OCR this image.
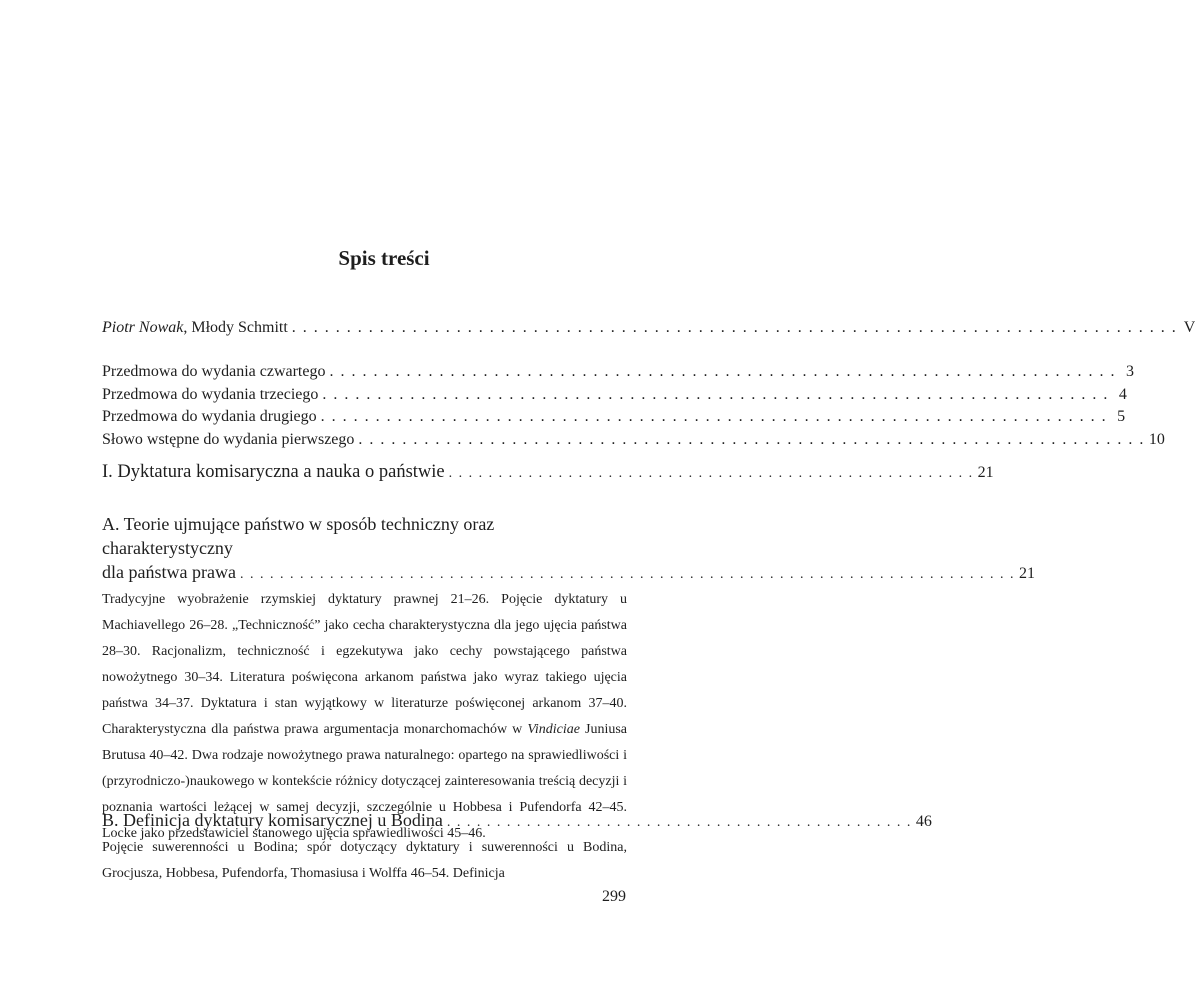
Spis treści
Piotr Nowak, Młody Schmitt . . . . . . . . . . . . . . . . . . . . . . . . . . . . . . . . . . . . . . . . . . . . . . . . . . . . . . . . . . . . . . . . . . . . . . . . . . . . . . . . . V
Przedmowa do wydania czwartego . . . . . . . . . . . . . . . . . . . . . . . . . . . . . . . . . . . . . . . . . . . . . . . . . . . . . . . . . . . . . . . . . . . . . . . . 3
Przedmowa do wydania trzeciego . . . . . . . . . . . . . . . . . . . . . . . . . . . . . . . . . . . . . . . . . . . . . . . . . . . . . . . . . . . . . . . . . . . . . . . . 4
Przedmowa do wydania drugiego . . . . . . . . . . . . . . . . . . . . . . . . . . . . . . . . . . . . . . . . . . . . . . . . . . . . . . . . . . . . . . . . . . . . . . . . 5
Słowo wstępne do wydania pierwszego . . . . . . . . . . . . . . . . . . . . . . . . . . . . . . . . . . . . . . . . . . . . . . . . . . . . . . . . . . . . . . . . . . . . . . . . 10
I. Dyktatura komisaryczna a nauka o państwie . . . . . . . . . . . . . . . . . . . . . . . . . . . . . . . . . . . . . . . . . . . . . . . . . . . . . 21
A. Teorie ujmujące państwo w sposób techniczny oraz charakterystyczny
dla państwa prawa . . . . . . . . . . . . . . . . . . . . . . . . . . . . . . . . . . . . . . . . . . . . . . . . . . . . . . . . . . . . . . . . . . . . . . . . . . . . . . 21

Tradycyjne wyobrażenie rzymskiej dyktatury prawnej 21–26. Pojęcie dyktatury u Machiavellego 26–28. „Techniczność” jako cecha charakterystyczna dla jego ujęcia państwa 28–30. Racjonalizm, techniczność i egzekutywa jako cechy powstającego państwa nowożytnego 30–34. Literatura poświęcona arkanom państwa jako wyraz takiego ujęcia państwa 34–37. Dyktatura i stan wyjątkowy w literaturze poświęconej arkanom 37–40. Charakterystyczna dla państwa prawa argumentacja monarchomachów w Vindiciae Juniusa Brutusa 40–42. Dwa rodzaje nowożytnego prawa naturalnego: opartego na sprawiedliwości i (przyrodniczo-)naukowego w kontekście różnicy dotyczącej zainteresowania treścią decyzji i poznania wartości leżącej w samej decyzji, szczególnie u Hobbesa i Pufendorfa 42–45. Locke jako przedstawiciel stanowego ujęcia sprawiedliwości 45–46.

B. Definicja dyktatury komisarycznej u Bodina . . . . . . . . . . . . . . . . . . . . . . . . . . . . . . . . . . . . . . . . . . . . . . . 46

Pojęcie suwerenności u Bodina; spór dotyczący dyktatury i suwerenności u Bodina, Grocjusza, Hobbesa, Pufendorfa, Thomasiusa i Wolffa 46–54. Definicja

299
